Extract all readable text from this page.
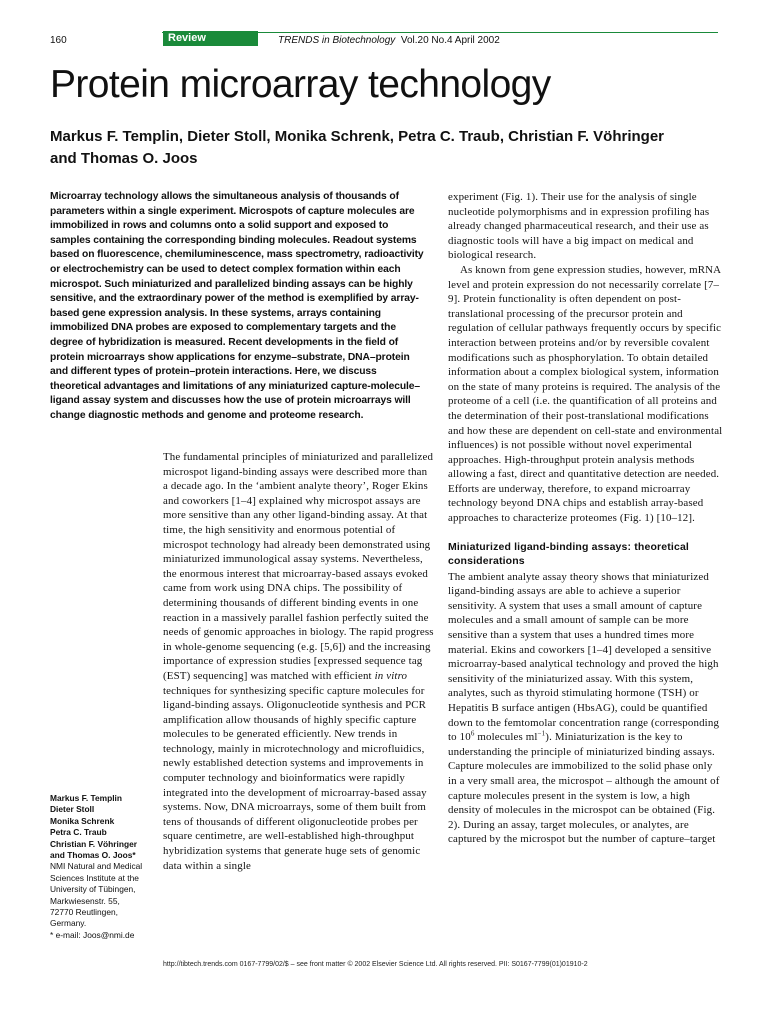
160	Review	TRENDS in Biotechnology Vol.20 No.4 April 2002
Protein microarray technology
Markus F. Templin, Dieter Stoll, Monika Schrenk, Petra C. Traub, Christian F. Vöhringer
and Thomas O. Joos
Microarray technology allows the simultaneous analysis of thousands of parameters within a single experiment. Microspots of capture molecules are immobilized in rows and columns onto a solid support and exposed to samples containing the corresponding binding molecules. Readout systems based on fluorescence, chemiluminescence, mass spectrometry, radioactivity or electrochemistry can be used to detect complex formation within each microspot. Such miniaturized and parallelized binding assays can be highly sensitive, and the extraordinary power of the method is exemplified by array-based gene expression analysis. In these systems, arrays containing immobilized DNA probes are exposed to complementary targets and the degree of hybridization is measured. Recent developments in the field of protein microarrays show applications for enzyme–substrate, DNA–protein and different types of protein–protein interactions. Here, we discuss theoretical advantages and limitations of any miniaturized capture-molecule–ligand assay system and discusses how the use of protein microarrays will change diagnostic methods and genome and proteome research.

The fundamental principles of miniaturized and parallelized microspot ligand-binding assays were described more than a decade ago. In the ‘ambient analyte theory’, Roger Ekins and coworkers [1–4] explained why microspot assays are more sensitive than any other ligand-binding assay. At that time, the high sensitivity and enormous potential of microspot technology had already been demonstrated using miniaturized immunological assay systems. Nevertheless, the enormous interest that microarray-based assays evoked came from work using DNA chips. The possibility of determining thousands of different binding events in one reaction in a massively parallel fashion perfectly suited the needs of genomic approaches in biology. The rapid progress in whole-genome sequencing (e.g. [5,6]) and the increasing importance of expression studies [expressed sequence tag (EST) sequencing] was matched with efficient in vitro techniques for synthesizing specific capture molecules for ligand-binding assays. Oligonucleotide synthesis and PCR amplification allow thousands of highly specific capture molecules to be generated efficiently. New trends in technology, mainly in microtechnology and microfluidics, newly established detection systems and improvements in computer technology and bioinformatics were rapidly integrated into the development of microarray-based assay systems. Now, DNA microarrays, some of them built from tens of thousands of different oligonucleotide probes per square centimetre, are well-established high-throughput hybridization systems that generate huge sets of genomic data within a single

experiment (Fig. 1). Their use for the analysis of single nucleotide polymorphisms and in expression profiling has already changed pharmaceutical research, and their use as diagnostic tools will have a big impact on medical and biological research.

As known from gene expression studies, however, mRNA level and protein expression do not necessarily correlate [7–9]. Protein functionality is often dependent on post-translational processing of the precursor protein and regulation of cellular pathways frequently occurs by specific interaction between proteins and/or by reversible covalent modifications such as phosphorylation. To obtain detailed information about a complex biological system, information on the state of many proteins is required. The analysis of the proteome of a cell (i.e. the quantification of all proteins and the determination of their post-translational modifications and how these are dependent on cell-state and environmental influences) is not possible without novel experimental approaches. High-throughput protein analysis methods allowing a fast, direct and quantitative detection are needed. Efforts are underway, therefore, to expand microarray technology beyond DNA chips and establish array-based approaches to characterize proteomes (Fig. 1) [10–12].

Miniaturized ligand-binding assays: theoretical considerations

The ambient analyte assay theory shows that miniaturized ligand-binding assays are able to achieve a superior sensitivity. A system that uses a small amount of capture molecules and a small amount of sample can be more sensitive than a system that uses a hundred times more material. Ekins and coworkers [1–4] developed a sensitive microarray-based analytical technology and proved the high sensitivity of the miniaturized assay. With this system, analytes, such as thyroid stimulating hormone (TSH) or Hepatitis B surface antigen (HbsAG), could be quantified down to the femtomolar concentration range (corresponding to $10^6$ molecules $ml^{-1}$). Miniaturization is the key to understanding the principle of miniaturized binding assays. Capture molecules are immobilized to the solid phase only in a very small area, the microspot – although the amount of capture molecules present in the system is low, a high density of molecules in the microspot can be obtained (Fig. 2). During an assay, target molecules, or analytes, are captured by the microspot but the number of capture–target

Markus F. Templin
Dieter Stoll
Monika Schrenk
Petra C. Traub
Christian F. Vöhringer
and Thomas O. Joos*
NMI Natural and Medical
Sciences Institute at the
University of Tübingen,
Markwiesenstr. 55,
72770 Reutlingen,
Germany.
* e-mail: Joos@nmi.de
http://tibtech.trends.com 0167-7799/02/$ – see front matter © 2002 Elsevier Science Ltd. All rights reserved. PII: S0167-7799(01)01910-2
